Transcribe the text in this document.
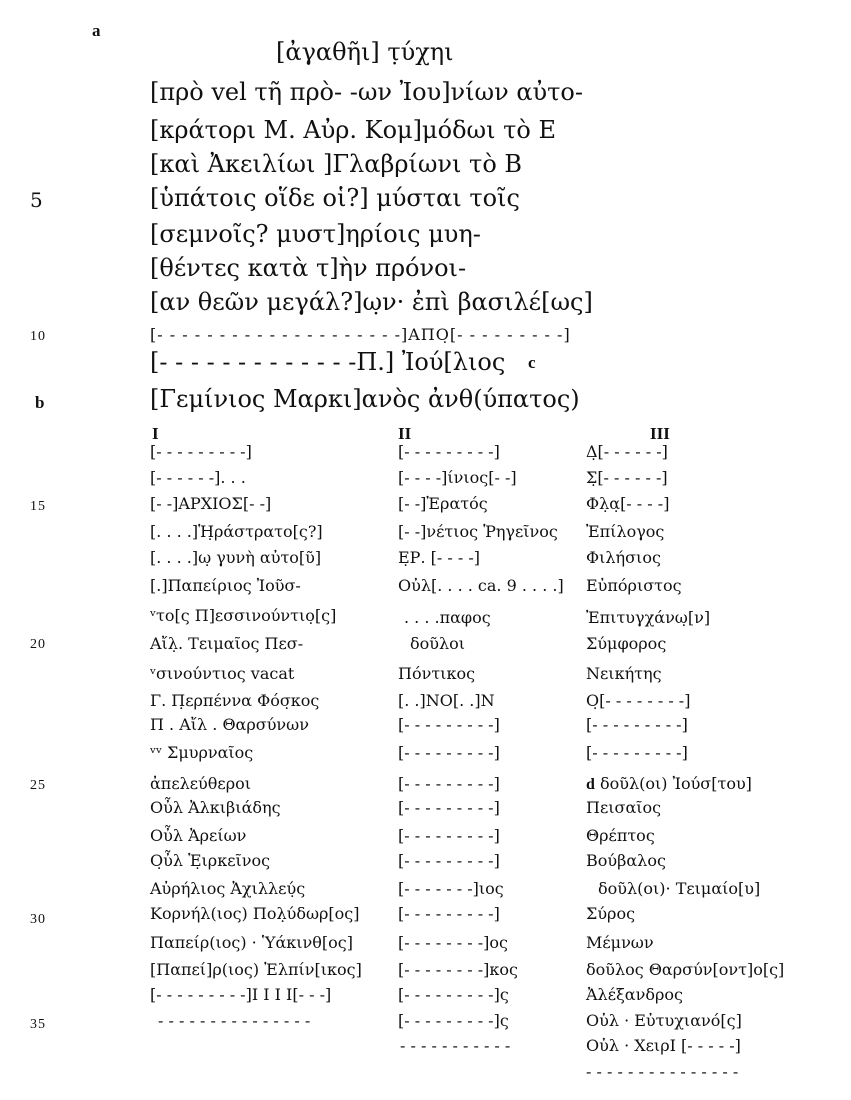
a
b
c
5
10
15
20
25
30
35
[ἀγαθῆι] τ̣ύχηι
[πρὸ vel τῆ πρὸ- -ων Ἰου]νίων αὐτο-
[κράτορι Μ. Αὐρ. Κομ]μόδωι τὸ Ε
[καὶ Ἀκειλίωι ]Γλαβρίωνι τὸ Β
[ὑπάτοις οἵδε οἱ?] μύσται τοῖς
[σεμνοῖς? μυστ]ηρίοις μυη-
[θέντες κατὰ τ]ὴν πρόνοι-
[αν θεῶν μεγάλ?]ω̣ν· ἐπὶ βασιλέ[ως]
[- - - - - - - - - - - - - - - - - - - -]ΑΠΟ̣[- - - - - - - - -]
[- - - - - - - - - - - - -Π.] Ἰού[λιος
[Γεμίνιος Μαρκι]ανὸς ἀνθ(ύπατος)
I	II	III
[- - - - - - - - -]
[- - - - - -]. . .
[- -]ΑΡΧΙΟΣ[- -]
[. . . .]Ἡ̣ράστρατο[ς?]
[. . . .]ω̣ γυνὴ αὐτο[ῦ]
[.]Παπείριος Ἰοῦσ-
ᵛτο[ς Π]εσσινούντιο̣[ς]
Αἴλ̣. Τειμαῖος Πεσ-
ᵛσινούντιος vacat
Γ. Π̣ερπέννα Φόσ̣κος
Π . Αἴλ . Θαρσύνων
ᵛᵛ Σμυρναῖος
ἀπελεύθεροι
Οὖλ Ἀλκιβιάδης
Οὖλ Ἀρείων
Ο̣ὖλ Ἑ̣ιρκεῖνος
Αὐρήλιος Ἀχιλλεύ̣ς
Κορνήλ(ιος) Πολ̣ύδωρ[ος]
Παπείρ(ιος) · Ὑάκινθ[ος]
[Παπεί]ρ(ιος) Ἐλπίν[ικος]
[- - - - - - - - -]Ι Ι Ι Ι[- - -]
- - - - - - - - - - - - - - -
[- - - - - - - - -]
[- - - -]ίνιος[- -]
[- -]Ἐρατός
[- -]νέτιος Ῥηγεῖνος
Ε̣Ρ. [- - - -]
Οὐλ[. . . . ca. 9 . . . .]
. . . .παφος
δοῦλοι
Πόντικος
[. .]ΝΟ[. .]Ν
[- - - - - - - - -]
[- - - - - - - - -]
[- - - - - - - - -]
[- - - - - - - - -]
[- - - - - - - - -]
[- - - - - - - - -]
[- - - - - - -]ιος
[- - - - - - - - -]
[- - - - - - - -]ος
[- - - - - - - -]κος
[- - - - - - - - -]ς
[- - - - - - - - -]ς
- - - - - - - - - - -
Δ̣[- - - - - -]
Σ̣[- - - - - -]
Φλ̣α̣[- - - -]
Ἐπίλογος
Φιλήσιος
Εὐπόριστος
Ἐπιτυγχάνω̣[ν]
Σύμφορος
Νεικήτης
Ο̣[- - - - - - - -]
[- - - - - - - - -]
[- - - - - - - - -]
d δοῦλ(οι) Ἰούσ[του]
Πεισαῖος
Θρέπτος
Βούβαλος
δοῦλ(οι)· Τειμαίο[υ]
Σύρος
Μέμνων
δοῦλος Θαρσύν[οντ]ο[ς]
Ἀλέξανδρος
Οὐλ · Εὐτυχιανό[ς]
Οὐλ · ΧειρΙ [- - - - -]
- - - - - - - - - - - - - - -
